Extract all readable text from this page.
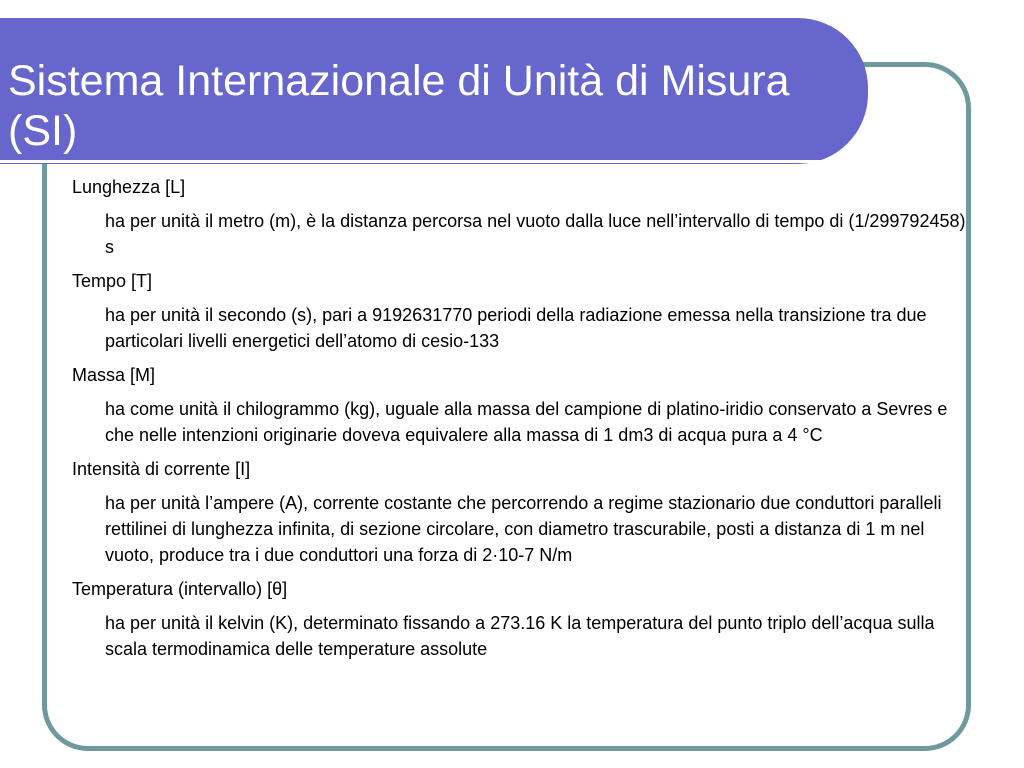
Sistema Internazionale di Unità di Misura
(SI)

Lunghezza [L]

ha per unità il metro (m), è la distanza percorsa nel vuoto dalla luce nell’intervallo di tempo di (1/299792458) s

Tempo [T]

ha per unità il secondo (s), pari a 9192631770 periodi della radiazione emessa nella transizione tra due particolari livelli energetici dell’atomo di cesio-133

Massa [M]

ha come unità il chilogrammo (kg), uguale alla massa del campione di platino-iridio conservato a Sevres e che nelle intenzioni originarie doveva equivalere alla massa di 1 dm3 di acqua pura a 4 °C

Intensità di corrente [I]

ha per unità l’ampere (A), corrente costante che percorrendo a regime stazionario due conduttori paralleli rettilinei di lunghezza infinita, di sezione circolare, con diametro trascurabile, posti a distanza di 1 m nel vuoto, produce tra i due conduttori una forza di 2·10-7 N/m

Temperatura (intervallo) [θ]

ha per unità il kelvin (K), determinato fissando a 273.16 K la temperatura del punto triplo dell’acqua sulla scala termodinamica delle temperature assolute
